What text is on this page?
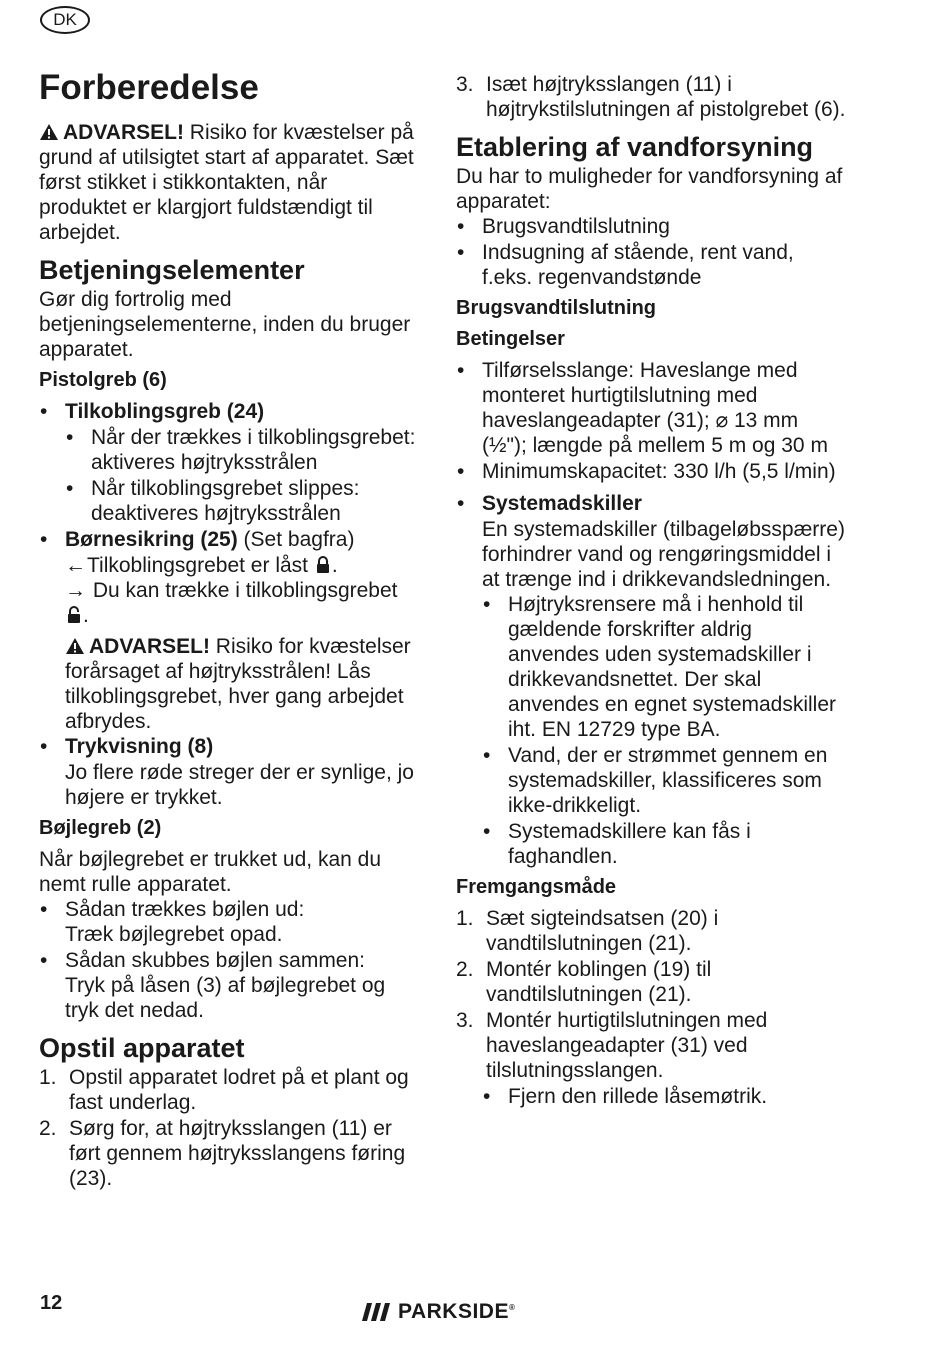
DK
Forberedelse

ADVARSEL! Risiko for kvæstelser på grund af utilsigtet start af apparatet. Sæt først stikket i stikkontakten, når produktet er klargjort fuldstændigt til arbejdet.

Betjeningselementer

Gør dig fortrolig med betjeningselementerne, inden du bruger apparatet.

Pistolgreb (6)
• Tilkoblingsgreb (24)
• Når der trækkes i tilkoblingsgrebet: aktiveres højtryksstrålen
• Når tilkoblingsgrebet slippes: deaktiveres højtryksstrålen
• Børnesikring (25) (Set bagfra)
←Tilkoblingsgrebet er låst .
→ Du kan trække i tilkoblingsgrebet .
ADVARSEL! Risiko for kvæstelser forårsaget af højtryksstrålen! Lås tilkoblingsgrebet, hver gang arbejdet afbrydes.
• Trykvisning (8)
Jo flere røde streger der er synlige, jo højere er trykket.
Bøjlegreb (2)

Når bøjlegrebet er trukket ud, kan du nemt rulle apparatet.

• Sådan trækkes bøjlen ud:
Træk bøjlegrebet opad.
• Sådan skubbes bøjlen sammen:
Tryk på låsen (3) af bøjlegrebet og tryk det nedad.
Opstil apparatet
1. Opstil apparatet lodret på et plant og fast underlag.
2. Sørg for, at højtryksslangen (11) er ført gennem højtryksslangens føring (23).
3. Isæt højtryksslangen (11) i højtrykstilslutningen af pistolgrebet (6).
Etablering af vandforsyning

Du har to muligheder for vandforsyning af apparatet:

• Brugsvandtilslutning
• Indsugning af stående, rent vand, f.eks. regenvandstønde
Brugsvandtilslutning
Betingelser
• Tilførselsslange: Haveslange med monteret hurtigtilslutning med haveslangeadapter (31); ⌀ 13 mm (½"); længde på mellem 5 m og 30 m
• Minimumskapacitet: 330 l/h (5,5 l/min)
• Systemadskiller
En systemadskiller (tilbageløbsspærre) forhindrer vand og rengøringsmiddel i at trænge ind i drikkevandsledningen.
• Højtryksrensere må i henhold til gældende forskrifter aldrig anvendes uden systemadskiller i drikkevandsnettet. Der skal anvendes en egnet systemadskiller iht. EN 12729 type BA.
• Vand, der er strømmet gennem en systemadskiller, klassificeres som ikke-drikkeligt.
• Systemadskillere kan fås i faghandlen.
Fremgangsmåde
1. Sæt sigteindsatsen (20) i vandtilslutningen (21).
2. Montér koblingen (19) til vandtilslutningen (21).
3. Montér hurtigtilslutningen med haveslangeadapter (31) ved tilslutningsslangen.
• Fjern den rillede låsemøtrik.
12	PARKSIDE®
